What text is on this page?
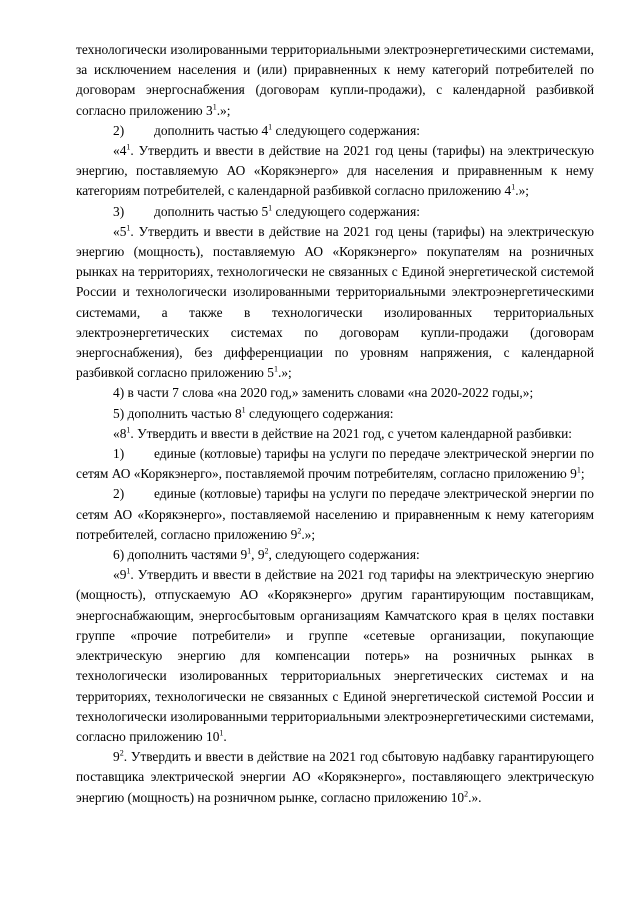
технологически изолированными территориальными электроэнергетическими системами, за исключением населения и (или) приравненных к нему категорий потребителей по договорам энергоснабжения (договорам купли-продажи), с календарной разбивкой согласно приложению $3^1$.»;

2) дополнить частью $4^1$ следующего содержания:

«$4^1$. Утвердить и ввести в действие на 2021 год цены (тарифы) на электрическую энергию, поставляемую АО «Корякэнерго» для населения и приравненным к нему категориям потребителей, с календарной разбивкой согласно приложению $4^1$.»;

3) дополнить частью $5^1$ следующего содержания:

«$5^1$. Утвердить и ввести в действие на 2021 год цены (тарифы) на электрическую энергию (мощность), поставляемую АО «Корякэнерго» покупателям на розничных рынках на территориях, технологически не связанных с Единой энергетической системой России и технологически изолированными территориальными электроэнергетическими системами, а также в технологически изолированных территориальных электроэнергетических системах по договорам купли-продажи (договорам энергоснабжения), без дифференциации по уровням напряжения, с календарной разбивкой согласно приложению $5^1$.»;

4) в части 7 слова «на 2020 год,» заменить словами «на 2020-2022 годы,»;

5) дополнить частью $8^1$ следующего содержания:

«$8^1$. Утвердить и ввести в действие на 2021 год, с учетом календарной разбивки:

1) единые (котловые) тарифы на услуги по передаче электрической энергии по сетям АО «Корякэнерго», поставляемой прочим потребителям, согласно приложению $9^1$;

2) единые (котловые) тарифы на услуги по передаче электрической энергии по сетям АО «Корякэнерго», поставляемой населению и приравненным к нему категориям потребителей, согласно приложению $9^2$.»;

6) дополнить частями $9^1$, $9^2$, следующего содержания:

«$9^1$. Утвердить и ввести в действие на 2021 год тарифы на электрическую энергию (мощность), отпускаемую АО «Корякэнерго» другим гарантирующим поставщикам, энергоснабжающим, энергосбытовым организациям Камчатского края в целях поставки группе «прочие потребители» и группе «сетевые организации, покупающие электрическую энергию для компенсации потерь» на розничных рынках в технологически изолированных территориальных энергетических системах и на территориях, технологически не связанных с Единой энергетической системой России и технологически изолированными территориальными электроэнергетическими системами, согласно приложению $10^1$.

$9^2$. Утвердить и ввести в действие на 2021 год сбытовую надбавку гарантирующего поставщика электрической энергии АО «Корякэнерго», поставляющего электрическую энергию (мощность) на розничном рынке, согласно приложению $10^2$.».
